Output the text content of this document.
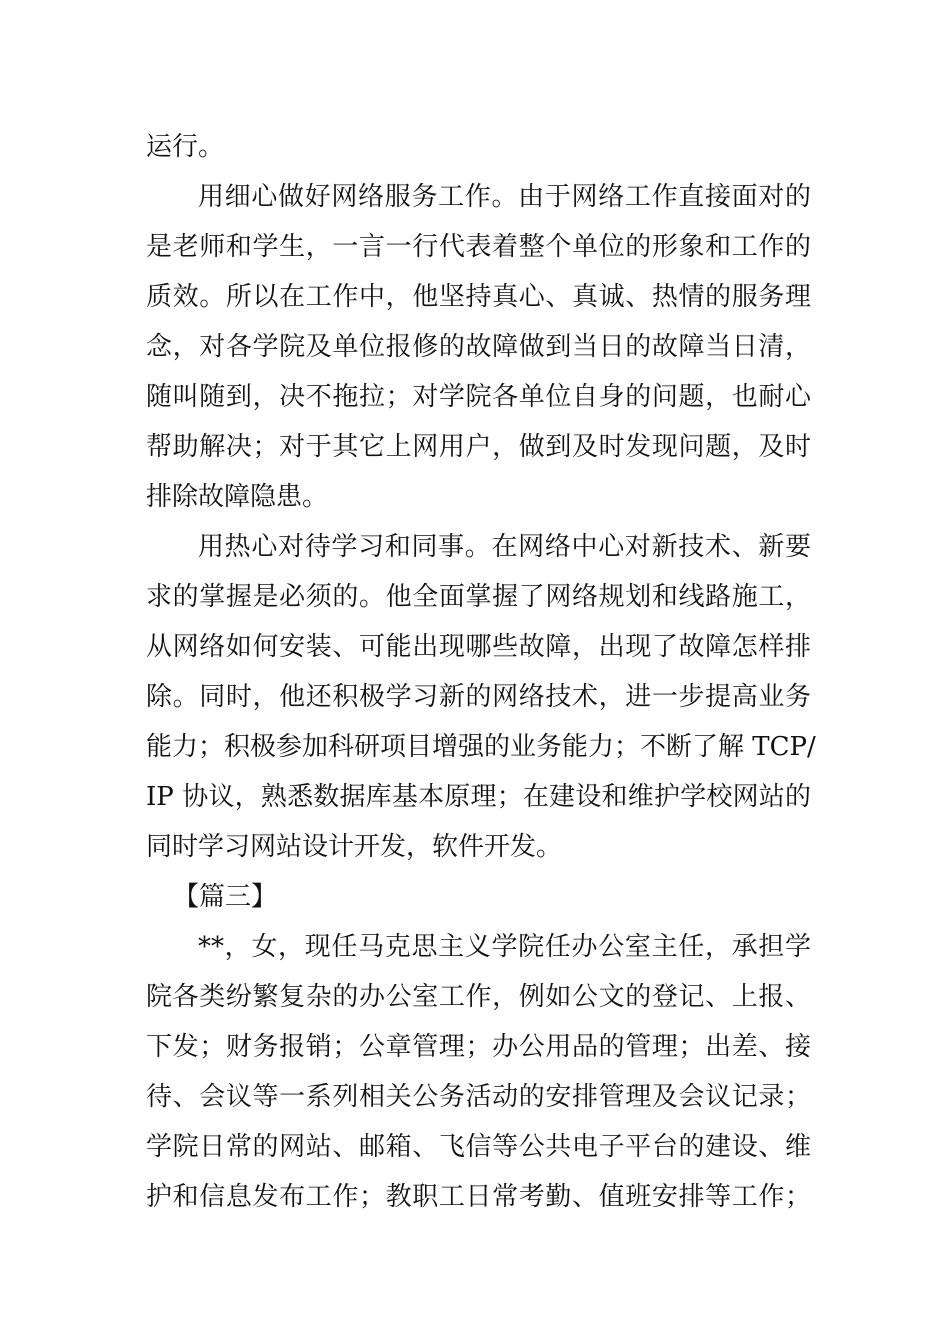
运行。
用细心做好网络服务工作。由于网络工作直接面对的
是老师和学生，一言一行代表着整个单位的形象和工作的
质效。所以在工作中，他坚持真心、真诚、热情的服务理
念，对各学院及单位报修的故障做到当日的故障当日清，
随叫随到，决不拖拉；对学院各单位自身的问题，也耐心
帮助解决；对于其它上网用户，做到及时发现问题，及时
排除故障隐患。
用热心对待学习和同事。在网络中心对新技术、新要
求的掌握是必须的。他全面掌握了网络规划和线路施工，
从网络如何安装、可能出现哪些故障，出现了故障怎样排
除。同时，他还积极学习新的网络技术，进一步提高业务
能力；积极参加科研项目增强的业务能力；不断了解 TCP/
IP 协议，熟悉数据库基本原理；在建设和维护学校网站的
同时学习网站设计开发，软件开发。
【篇三】
**，女，现任马克思主义学院任办公室主任，承担学
院各类纷繁复杂的办公室工作，例如公文的登记、上报、
下发；财务报销；公章管理；办公用品的管理；出差、接
待、会议等一系列相关公务活动的安排管理及会议记录；
学院日常的网站、邮箱、飞信等公共电子平台的建设、维
护和信息发布工作；教职工日常考勤、值班安排等工作；
